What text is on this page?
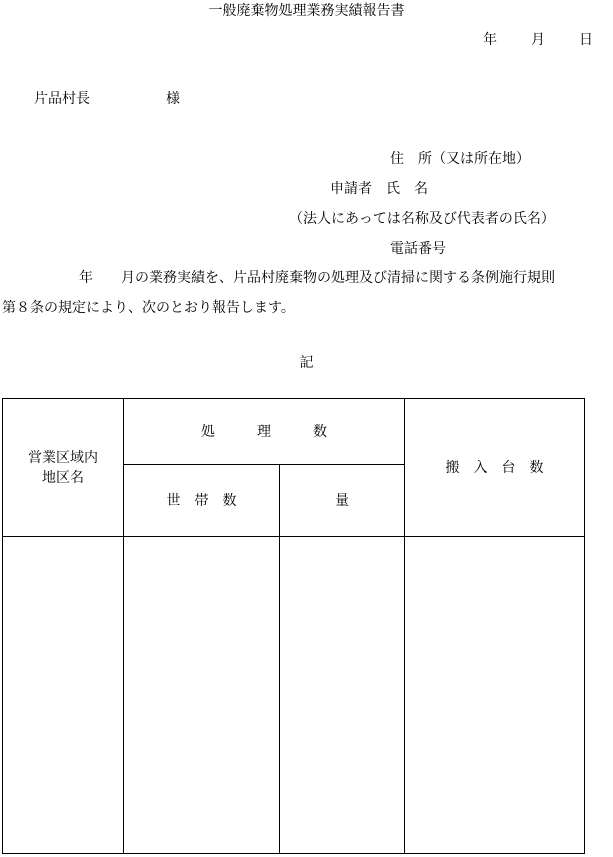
一般廃棄物処理業務実績報告書
年 月 日
片品村長	様
住　所（又は所在地）
申請者　氏　名
（法人にあっては名称及び代表者の氏名）
電話番号
年　　月の業務実績を、片品村廃棄物の処理及び清掃に関する条例施行規則
第８条の規定により、次のとおり報告します。
記
営業区域内
地区名	処　　　理　　　数		搬　入　台　数
	世　帯　数	量	
